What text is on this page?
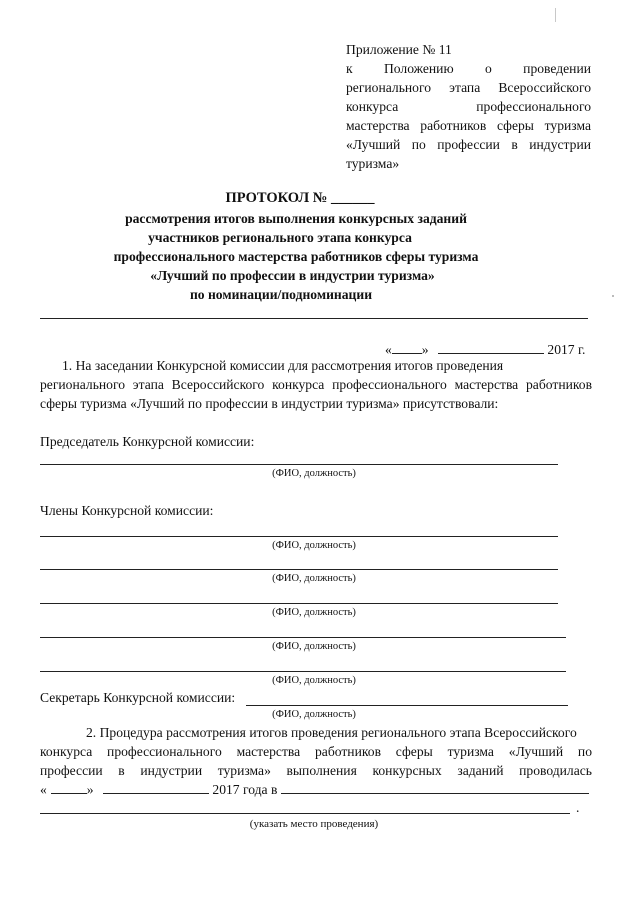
Приложение № 11
к Положению о проведении
регионального этапа Всероссийского
конкурса	профессионального
мастерства работников сферы туризма
«Лучший по профессии в индустрии
туризма»
ПРОТОКОЛ № ______
рассмотрения итогов выполнения конкурсных заданий
участников регионального этапа конкурса
профессионального мастерства работников сферы туризма
«Лучший по профессии в индустрии туризма»
по номинации/подноминации
« »	2017 г.
1. На заседании Конкурсной комиссии для рассмотрения итогов проведения
регионального этапа Всероссийского конкурса профессионального мастерства работников
сферы туризма «Лучший по профессии в индустрии туризма» присутствовали:
Председатель Конкурсной комиссии:
(ФИО, должность)
Члены Конкурсной комиссии:
(ФИО, должность)
(ФИО, должность)
(ФИО, должность)
(ФИО, должность)
(ФИО, должность)
Секретарь Конкурсной комиссии:
(ФИО, должность)
2. Процедура рассмотрения итогов проведения регионального этапа Всероссийского
конкурса профессионального мастерства работников сферы туризма «Лучший по
профессии в индустрии туризма» выполнения конкурсных заданий проводилась
«	»	2017 года в
.
(указать место проведения)
